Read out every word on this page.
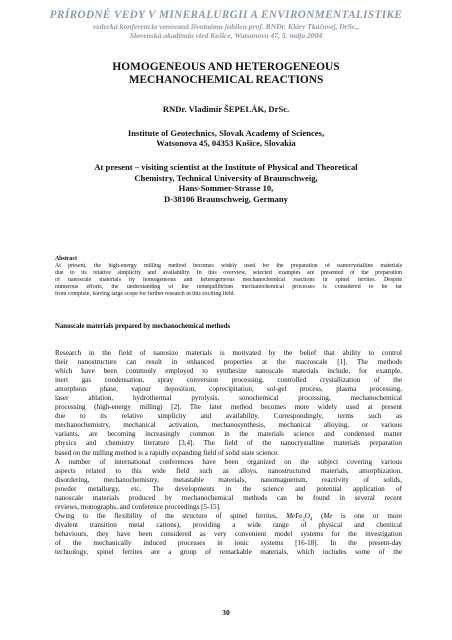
PRÍRODNÉ VEDY V MINERALURGII A ENVIRONMENTALISTIKE
vedecká konferencia venovaná životnému jubileu prof. RNDr. Kláry Tkáčovej, DrSc.,
Slovenská akadémia vied Košice, Watsonova 47, 5. mája 2004
HOMOGENEOUS AND HETEROGENEOUS
MECHANOCHEMICAL REACTIONS
RNDr. Vladimír ŠEPELÁK, DrSc.
Institute of Geotechnics, Slovak Academy of Sciences,
Watsonova 45, 04353 Košice, Slovakia
At present – visiting scientist at the Institute of Physical and Theoretical
Chemistry, Technical University of Braunschweig,
Hans-Sommer-Strasse 10,
D-38106 Braunschweig, Germany
Abstract
At present, the high-energy milling method becomes widely used for the preparation of nanocrystalline materials
due to its relative simplicity and availability. In this overview, selected examples are presented of the preparation
of nanoscale materials by homogeneous and heterogeneous mechanochemical reactions in spinel ferrites. Despite
numerous efforts, the understanding of the nonequilibrium mechanochemical processes is considered to be far
from complete, leaving large scope for further research in this exciting field.
Nanoscale materials prepared by mechanochemical methods
Research in the field of nanosize materials is motivated by the belief that ability to control
their nanostructure can result in enhanced properties at the macroscale [1]. The methods
which have been commonly employed to synthesize nanoscale materials include, for example,
inert gas condensation, spray conversion processing, controlled crystallization of the
amorphous phase, vapour deposition, coprecipitation, sol-gel process, plasma processing,
laser ablation, hydrothermal pyrolysis, sonochemical processing, mechanochemical
processing (high-energy milling) [2]. The later method becomes more widely used at present
due to its relative simplicity and availability. Correspondingly, terms such as
mechanochemistry, mechanical activation, mechanosynthesis, mechanical alloying, or various
variants, are becoming increasingly common in the materials science and condensed matter
physics and chemistry literature [3,4]. The field of the nanocrystalline materials preparation
based on the milling method is a rapidly expanding field of solid state science.
A number of international conferences have been organized on the subject covering various
aspects related to this wide field such as alloys, nanostructured materials, amorphization,
disordering, mechanochemistry, metastable materials, nanomagnetism, reactivity of solids,
powder metallurgy, etc. The developments in the science and potential application of
nanoscale materials produced by mechanochemical methods can be found in several recent
reviews, monographs, and conference proceedings [5-15].
Owing to the flexibility of the structure of spinel ferrites, $MeFe_2O_4$ (Me is one or more
divalent transition metal cations), providing a wide range of physical and chemical
behaviours, they have been considered as very convenient model systems for the investigation
of the mechanically induced processes in ionic systems [16-18]. In the present-day
technology, spinel ferrites are a group of remarkable materials, which includes some of the
30
